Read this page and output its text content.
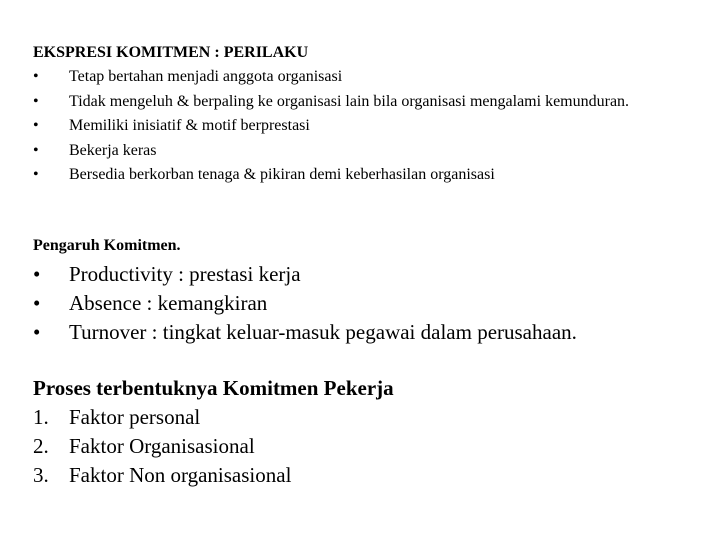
EKSPRESI KOMITMEN : PERILAKU

•	Tetap bertahan menjadi anggota organisasi
•	Tidak mengeluh & berpaling ke organisasi lain bila organisasi mengalami kemunduran.
•	Memiliki inisiatif & motif berprestasi
•	Bekerja keras
•	Bersedia berkorban tenaga & pikiran demi keberhasilan organisasi

Pengaruh Komitmen.

•	Productivity : prestasi kerja
•	Absence : kemangkiran
•	Turnover : tingkat keluar-masuk pegawai dalam perusahaan.

Proses terbentuknya Komitmen Pekerja

1. Faktor personal
2. Faktor Organisasional
3. Faktor Non organisasional
